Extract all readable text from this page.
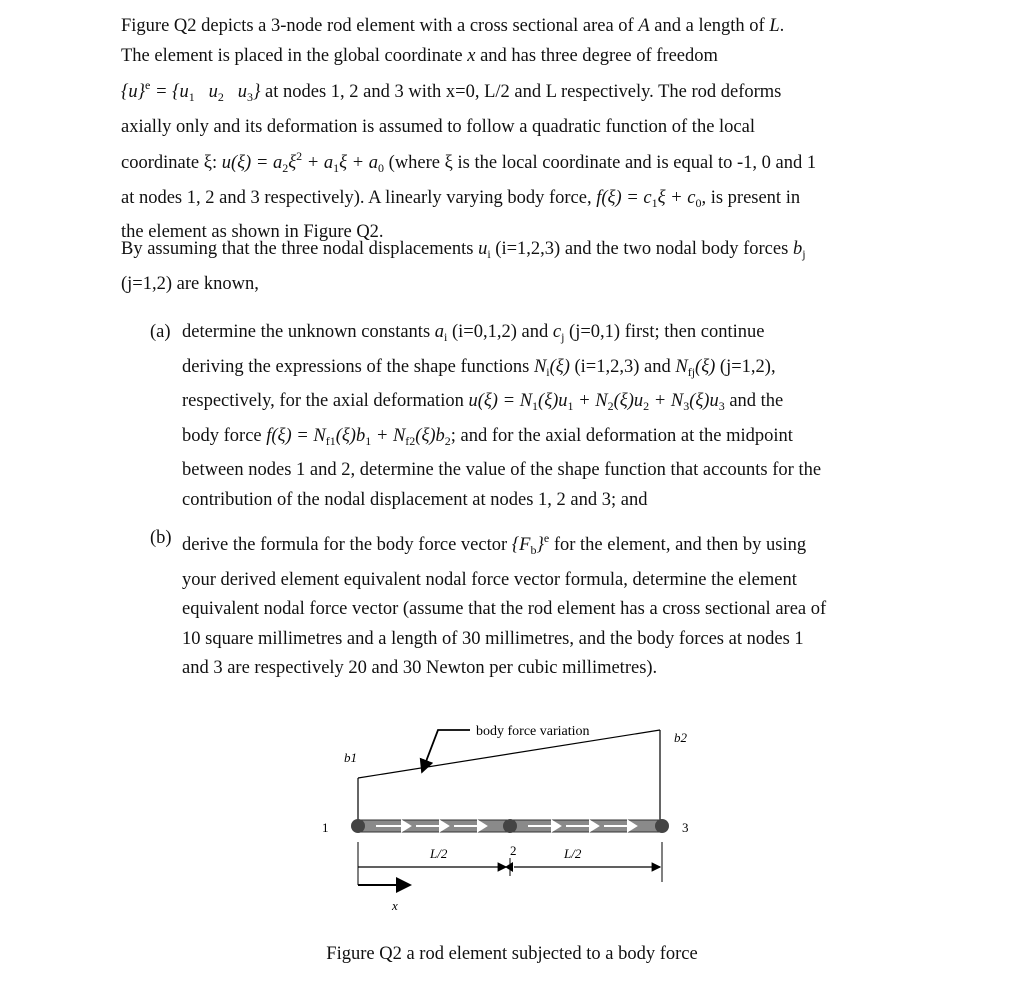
Figure Q2 depicts a 3-node rod element with a cross sectional area of A and a length of L.

The element is placed in the global coordinate x and has three degree of freedom

$\{u\}^e = \{u_1$   $u_2$   $u_3$} at nodes 1, 2 and 3 with x=0, L/2 and L respectively. The rod deforms

axially only and its deformation is assumed to follow a quadratic function of the local

coordinate ξ: $u(\xi) = a_2\xi^2 + a_1\xi + a_0$ (where ξ is the local coordinate and is equal to -1, 0 and 1

at nodes 1, 2 and 3 respectively). A linearly varying body force, $f(\xi) = c_1\xi + c_0$, is present in

the element as shown in Figure Q2.

By assuming that the three nodal displacements $u_i$ (i=1,2,3) and the two nodal body forces $b_j$

(j=1,2) are known,

(a) determine the unknown constants $a_i$ (i=0,1,2) and $c_j$ (j=0,1) first; then continue
deriving the expressions of the shape functions $N_i(\xi)$ (i=1,2,3) and $N_{fj}(\xi)$ (j=1,2),
respectively, for the axial deformation $u(\xi) = N_1(\xi)u_1 + N_2(\xi)u_2 + N_3(\xi)u_3$ and the
body force $f(\xi) = N_{f1}(\xi)b_1 + N_{f2}(\xi)b_2$; and for the axial deformation at the midpoint
between nodes 1 and 2, determine the value of the shape function that accounts for the
contribution of the nodal displacement at nodes 1, 2 and 3; and
(b) derive the formula for the body force vector $\{F_b\}^e$ for the element, and then by using
your derived element equivalent nodal force vector formula, determine the element
equivalent nodal force vector (assume that the rod element has a cross sectional area of
10 square millimetres and a length of 30 millimetres, and the body forces at nodes 1
and 3 are respectively 20 and 30 Newton per cubic millimetres).
body force variation
b1
b2
1	3
2
L/2	L/2
x
Figure Q2 a rod element subjected to a body force
